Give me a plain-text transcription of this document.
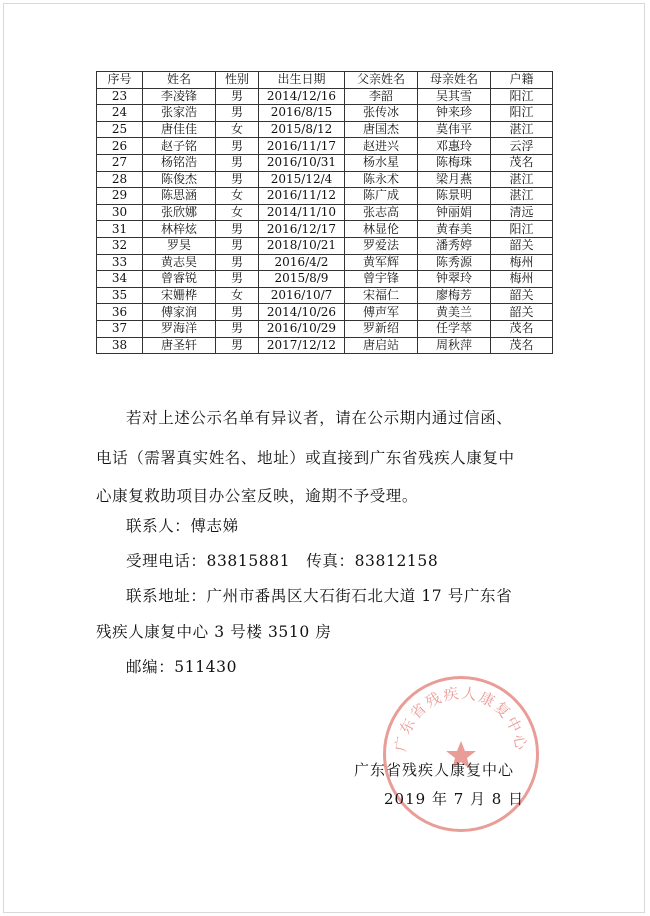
序号	姓名	性别	出生日期	父亲姓名	母亲姓名	户籍
23	李凌锋	男	2014/12/16	李韶	吴其雪	阳江
24	张家浩	男	2016/8/15	张传冰	钟来珍	阳江
25	唐佳佳	女	2015/8/12	唐国杰	莫伟平	湛江
26	赵子铭	男	2016/11/17	赵进兴	邓惠玲	云浮
27	杨铭浩	男	2016/10/31	杨水星	陈梅珠	茂名
28	陈俊杰	男	2015/12/4	陈永术	梁月燕	湛江
29	陈思涵	女	2016/11/12	陈广成	陈景明	湛江
30	张欣娜	女	2014/11/10	张志高	钟丽娟	清远
31	林梓炫	男	2016/12/17	林显伦	黄春美	阳江
32	罗昊	男	2018/10/21	罗爱法	潘秀婷	韶关
33	黄志昊	男	2016/4/2	黄军辉	陈秀源	梅州
34	曾睿锐	男	2015/8/9	曾宇锋	钟翠玲	梅州
35	宋姗桦	女	2016/10/7	宋福仁	廖梅芳	韶关
36	傅家润	男	2014/10/26	傅声军	黄美兰	韶关
37	罗海洋	男	2016/10/29	罗新绍	任学萃	茂名
38	唐圣轩	男	2017/12/12	唐启站	周秋萍	茂名
若对上述公示名单有异议者，请在公示期内通过信函、
电话（需署真实姓名、地址）或直接到广东省残疾人康复中
心康复救助项目办公室反映，逾期不予受理。
联系人：傅志娣
受理电话：83815881　传真：83812158
联系地址：广州市番禺区大石街石北大道 17 号广东省
残疾人康复中心 3 号楼 3510 房
邮编：511430
广东省残疾人康复中心
广东省残疾人康复中心
2019 年 7 月 8 日
